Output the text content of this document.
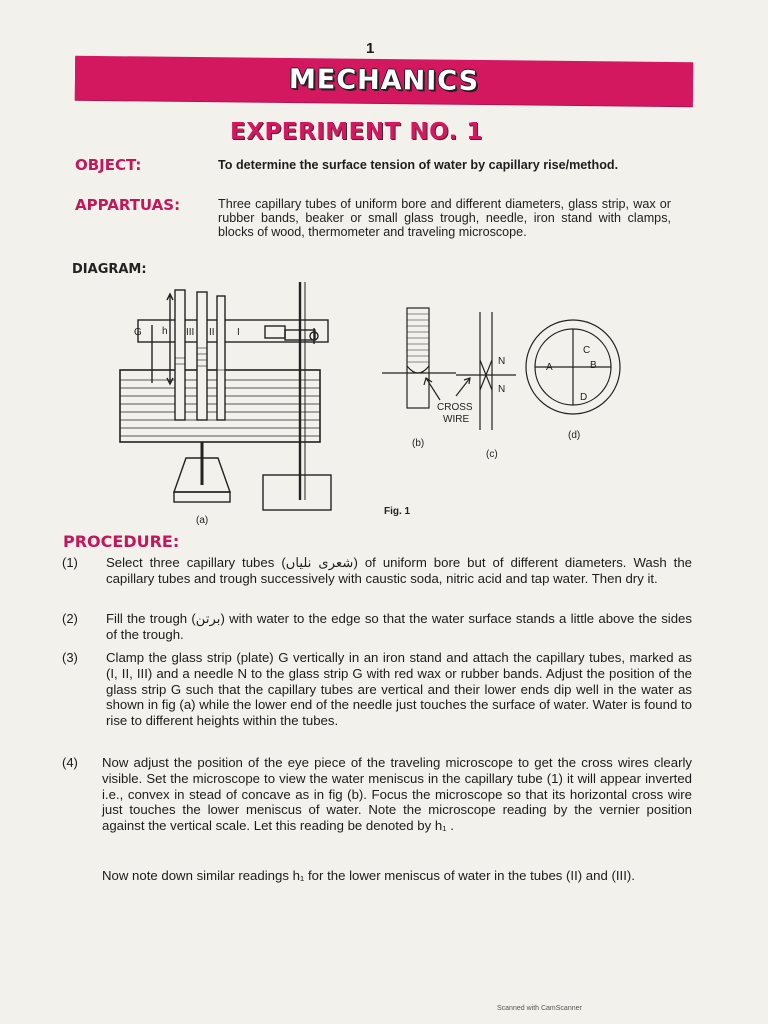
1
MECHANICS
EXPERIMENT NO. 1
OBJECT:	To determine the surface tension of water by capillary rise/method.
APPARTUAS:	Three capillary tubes of uniform bore and different diameters, glass strip, wax or rubber bands, beaker or small glass trough, needle, iron stand with clamps, blocks of wood, thermometer and traveling microscope.
DIAGRAM:
G h III II I
(a)
(b)
N
N
CROSS
WIRE
(c)
A	B
C
D
(d)
Fig. 1
PROCEDURE:
(1) Select three capillary tubes (شعری نلیاں) of uniform bore but of different diameters. Wash the capillary tubes and trough successively with caustic soda, nitric acid and tap water. Then dry it.
(2) Fill the trough (برتن) with water to the edge so that the water surface stands a little above the sides of the trough.
(3) Clamp the glass strip (plate) G vertically in an iron stand and attach the capillary tubes, marked as (I, II, III) and a needle N to the glass strip G with red wax or rubber bands. Adjust the position of the glass strip G such that the capillary tubes are vertical and their lower ends dip well in the water as shown in fig (a) while the lower end of the needle just touches the surface of water. Water is found to rise to different heights within the tubes.
(4) Now adjust the position of the eye piece of the traveling microscope to get the cross wires clearly visible. Set the microscope to view the water meniscus in the capillary tube (1) it will appear inverted i.e., convex in stead of concave as in fig (b). Focus the microscope so that its horizontal cross wire just touches the lower meniscus of water. Note the microscope reading by the vernier position against the vertical scale. Let this reading be denoted by h₁ .
Now note down similar readings h₁ for the lower meniscus of water in the tubes (II) and (III).
Scanned with CamScanner
